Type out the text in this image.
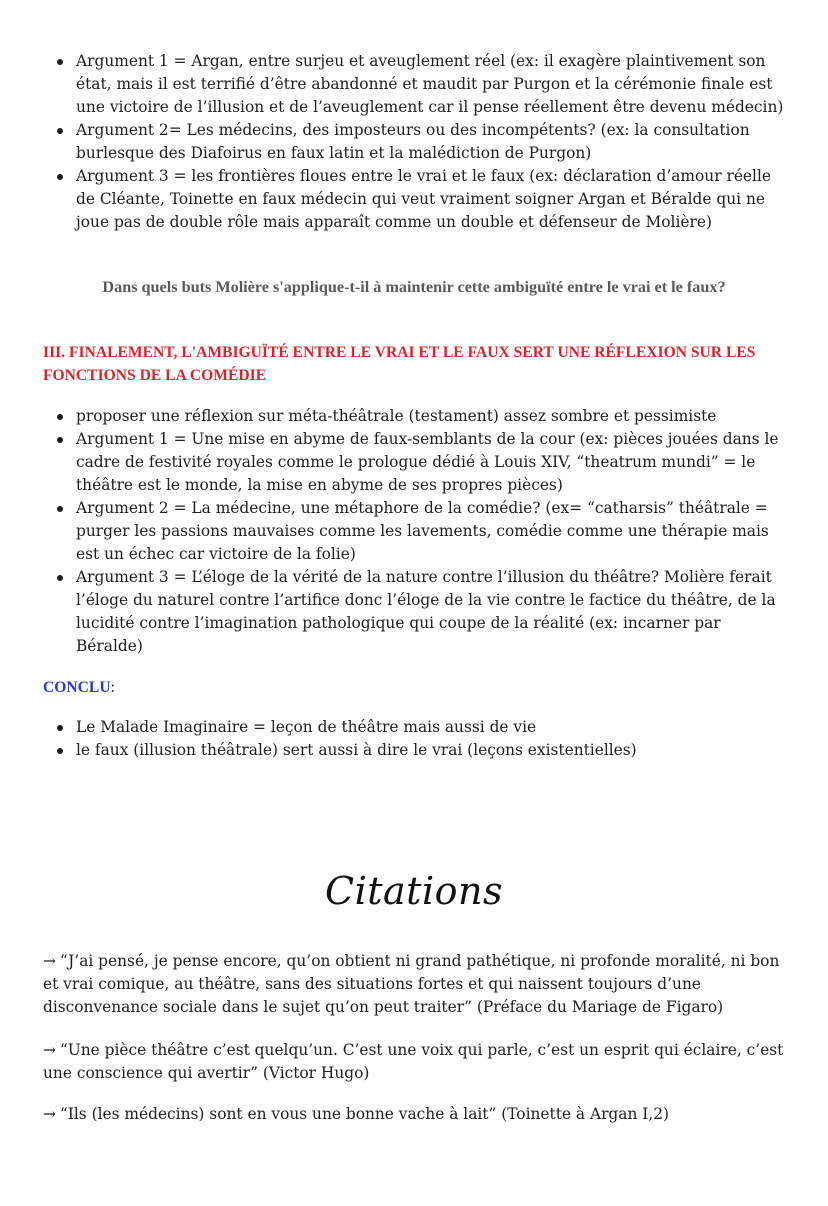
Argument 1 = Argan, entre surjeu et aveuglement réel (ex: il exagère plaintivement son état, mais il est terrifié d’être abandonné et maudit par Purgon et la cérémonie finale est une victoire de l’illusion et de l’aveuglement car il pense réellement être devenu médecin)
Argument 2= Les médecins, des imposteurs ou des incompétents? (ex: la consultation burlesque des Diafoirus en faux latin et la malédiction de Purgon)
Argument 3 = les frontières floues entre le vrai et le faux (ex: déclaration d’amour réelle de Cléante, Toinette en faux médecin qui veut vraiment soigner Argan et Béralde qui ne joue pas de double rôle mais apparaît comme un double et défenseur de Molière)
Dans quels buts Molière s'applique-t-il à maintenir cette ambiguïté entre le vrai et le faux?
III. FINALEMENT, L'AMBIGUÏTÉ ENTRE LE VRAI ET LE FAUX SERT UNE RÉFLEXION SUR LES FONCTIONS DE LA COMÉDIE
proposer une réflexion sur méta-théâtrale (testament) assez sombre et pessimiste
Argument 1 = Une mise en abyme de faux-semblants de la cour (ex: pièces jouées dans le cadre de festivité royales comme le prologue dédié à Louis XIV, “theatrum mundi” = le théâtre est le monde, la mise en abyme de ses propres pièces)
Argument 2 = La médecine, une métaphore de la comédie? (ex= “catharsis” théâtrale = purger les passions mauvaises comme les lavements, comédie comme une thérapie mais est un échec car victoire de la folie)
Argument 3 = L’éloge de la vérité de la nature contre l’illusion du théâtre? Molière ferait l’éloge du naturel contre l’artifice donc l’éloge de la vie contre le factice du théâtre, de la lucidité contre l’imagination pathologique qui coupe de la réalité (ex: incarner par Béralde)
CONCLU:
Le Malade Imaginaire = leçon de théâtre mais aussi de vie
le faux (illusion théâtrale) sert aussi à dire le vrai (leçons existentielles)
Citations

→ “J’ai pensé, je pense encore, qu’on obtient ni grand pathétique, ni profonde moralité, ni bon et vrai comique, au théâtre, sans des situations fortes et qui naissent toujours d’une disconvenance sociale dans le sujet qu’on peut traiter” (Préface du Mariage de Figaro)

→ “Une pièce théâtre c’est quelqu’un. C’est une voix qui parle, c’est un esprit qui éclaire, c’est une conscience qui avertir” (Victor Hugo)

→ “Ils (les médecins) sont en vous une bonne vache à lait” (Toinette à Argan I,2)
